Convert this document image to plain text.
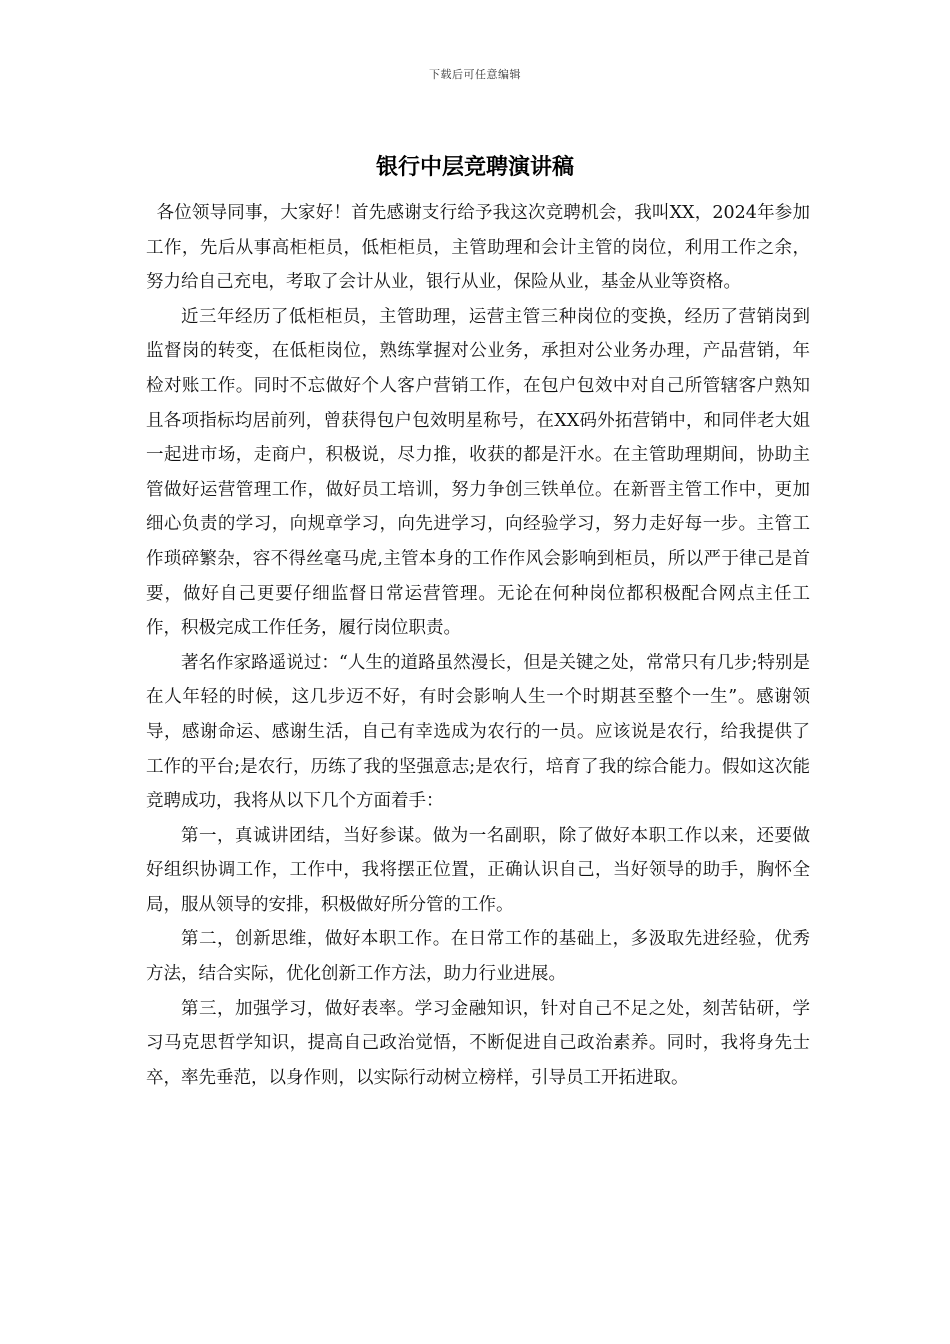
下载后可任意编辑
银行中层竞聘演讲稿

各位领导同事，大家好！首先感谢支行给予我这次竞聘机会，我叫XX，2024年参加工作，先后从事高柜柜员，低柜柜员，主管助理和会计主管的岗位，利用工作之余，努力给自己充电，考取了会计从业，银行从业，保险从业，基金从业等资格。

近三年经历了低柜柜员，主管助理，运营主管三种岗位的变换，经历了营销岗到监督岗的转变，在低柜岗位，熟练掌握对公业务，承担对公业务办理，产品营销，年检对账工作。同时不忘做好个人客户营销工作，在包户包效中对自己所管辖客户熟知且各项指标均居前列，曾获得包户包效明星称号，在XX码外拓营销中，和同伴老大姐一起进市场，走商户，积极说，尽力推，收获的都是汗水。在主管助理期间，协助主管做好运营管理工作，做好员工培训，努力争创三铁单位。在新晋主管工作中，更加细心负责的学习，向规章学习，向先进学习，向经验学习，努力走好每一步。主管工作琐碎繁杂，容不得丝毫马虎,主管本身的工作作风会影响到柜员，所以严于律己是首要，做好自己更要仔细监督日常运营管理。无论在何种岗位都积极配合网点主任工作，积极完成工作任务，履行岗位职责。

著名作家路遥说过：“人生的道路虽然漫长，但是关键之处，常常只有几步;特别是在人年轻的时候，这几步迈不好，有时会影响人生一个时期甚至整个一生”。感谢领导，感谢命运、感谢生活，自己有幸选成为农行的一员。应该说是农行，给我提供了工作的平台;是农行，历练了我的坚强意志;是农行，培育了我的综合能力。假如这次能竞聘成功，我将从以下几个方面着手：

第一，真诚讲团结，当好参谋。做为一名副职，除了做好本职工作以来，还要做好组织协调工作，工作中，我将摆正位置，正确认识自己，当好领导的助手，胸怀全局，服从领导的安排，积极做好所分管的工作。

第二，创新思维，做好本职工作。在日常工作的基础上，多汲取先进经验，优秀方法，结合实际，优化创新工作方法，助力行业进展。

第三，加强学习，做好表率。学习金融知识，针对自己不足之处，刻苦钻研，学习马克思哲学知识，提高自己政治觉悟，不断促进自己政治素养。同时，我将身先士卒，率先垂范，以身作则，以实际行动树立榜样，引导员工开拓进取。
